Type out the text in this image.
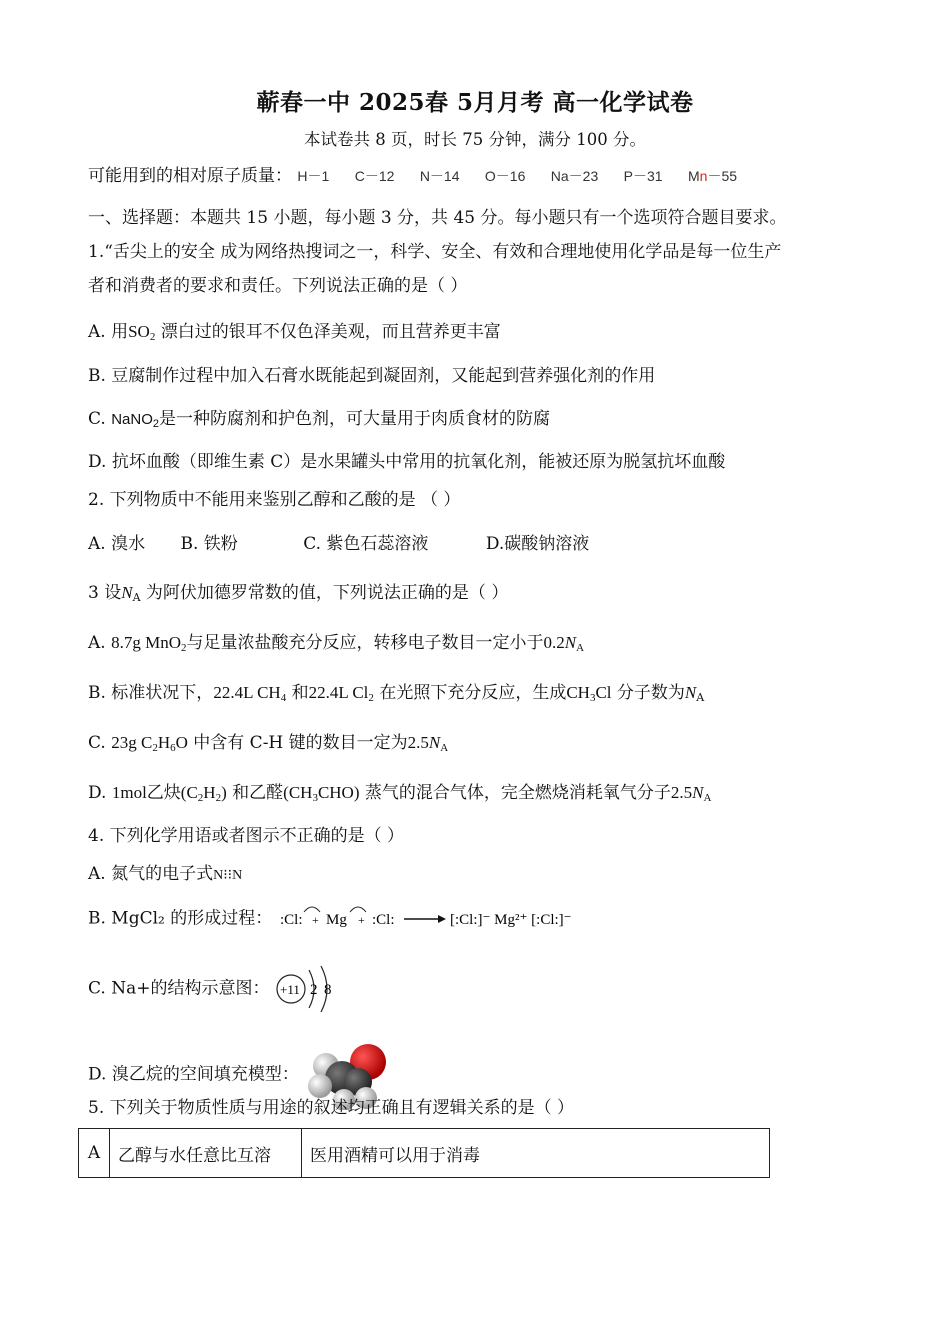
蕲春一中 2025春 5月月考 高一化学试卷
本试卷共 8 页，时长 75 分钟，满分 100 分。
可能用到的相对原子质量： H－1 C－12 N－14 O－16 Na－23 P－31 Mn－55
一、选择题：本题共 15 小题，每小题 3 分，共 45 分。每小题只有一个选项符合题目要求。
1.“舌尖上的安全 成为网络热搜词之一，科学、安全、有效和合理地使用化学品是每一位生产
者和消费者的要求和责任。下列说法正确的是（ ）
A. 用$SO_2$ 漂白过的银耳不仅色泽美观，而且营养更丰富
B. 豆腐制作过程中加入石膏水既能起到凝固剂，又能起到营养强化剂的作用
C. NaNO$_2$是一种防腐剂和护色剂，可大量用于肉质食材的防腐
D. 抗坏血酸（即维生素 C）是水果罐头中常用的抗氧化剂，能被还原为脱氢抗坏血酸
2. 下列物质中不能用来鉴别乙醇和乙酸的是 （ ）
A. 溴水 B. 铁粉	C. 紫色石蕊溶液	D.碳酸钠溶液
3 设$N_A$ 为阿伏加德罗常数的值，下列说法正确的是（ ）
A. 8.7g MnO$_2$与足量浓盐酸充分反应，转移电子数目一定小于$0.2N_A$
B. 标准状况下，22.4L $CH_4$ 和22.4L $Cl_2$ 在光照下充分反应，生成$CH_3Cl$ 分子数为$N_A$
C. 23g $C_2H_6O$ 中含有 C-H 键的数目一定为$2.5N_A$
D. 1mol乙炔$(C_2H_2)$ 和乙醛$(CH_3CHO)$ 蒸气的混合气体，完全燃烧消耗氧气分子$2.5N_A$
4. 下列化学用语或者图示不正确的是（ ）
A. 氮气的电子式N⁝⁝N
B. MgCl₂ 的形成过程： :Cl: + Mg + :Cl:	[:Cl:]⁻ Mg²⁺ [:Cl:]⁻
C. Na+的结构示意图： +11 2 8
D. 溴乙烷的空间填充模型：
5. 下列关于物质性质与用途的叙述均正确且有逻辑关系的是（ ）
A	乙醇与水任意比互溶	医用酒精可以用于消毒
